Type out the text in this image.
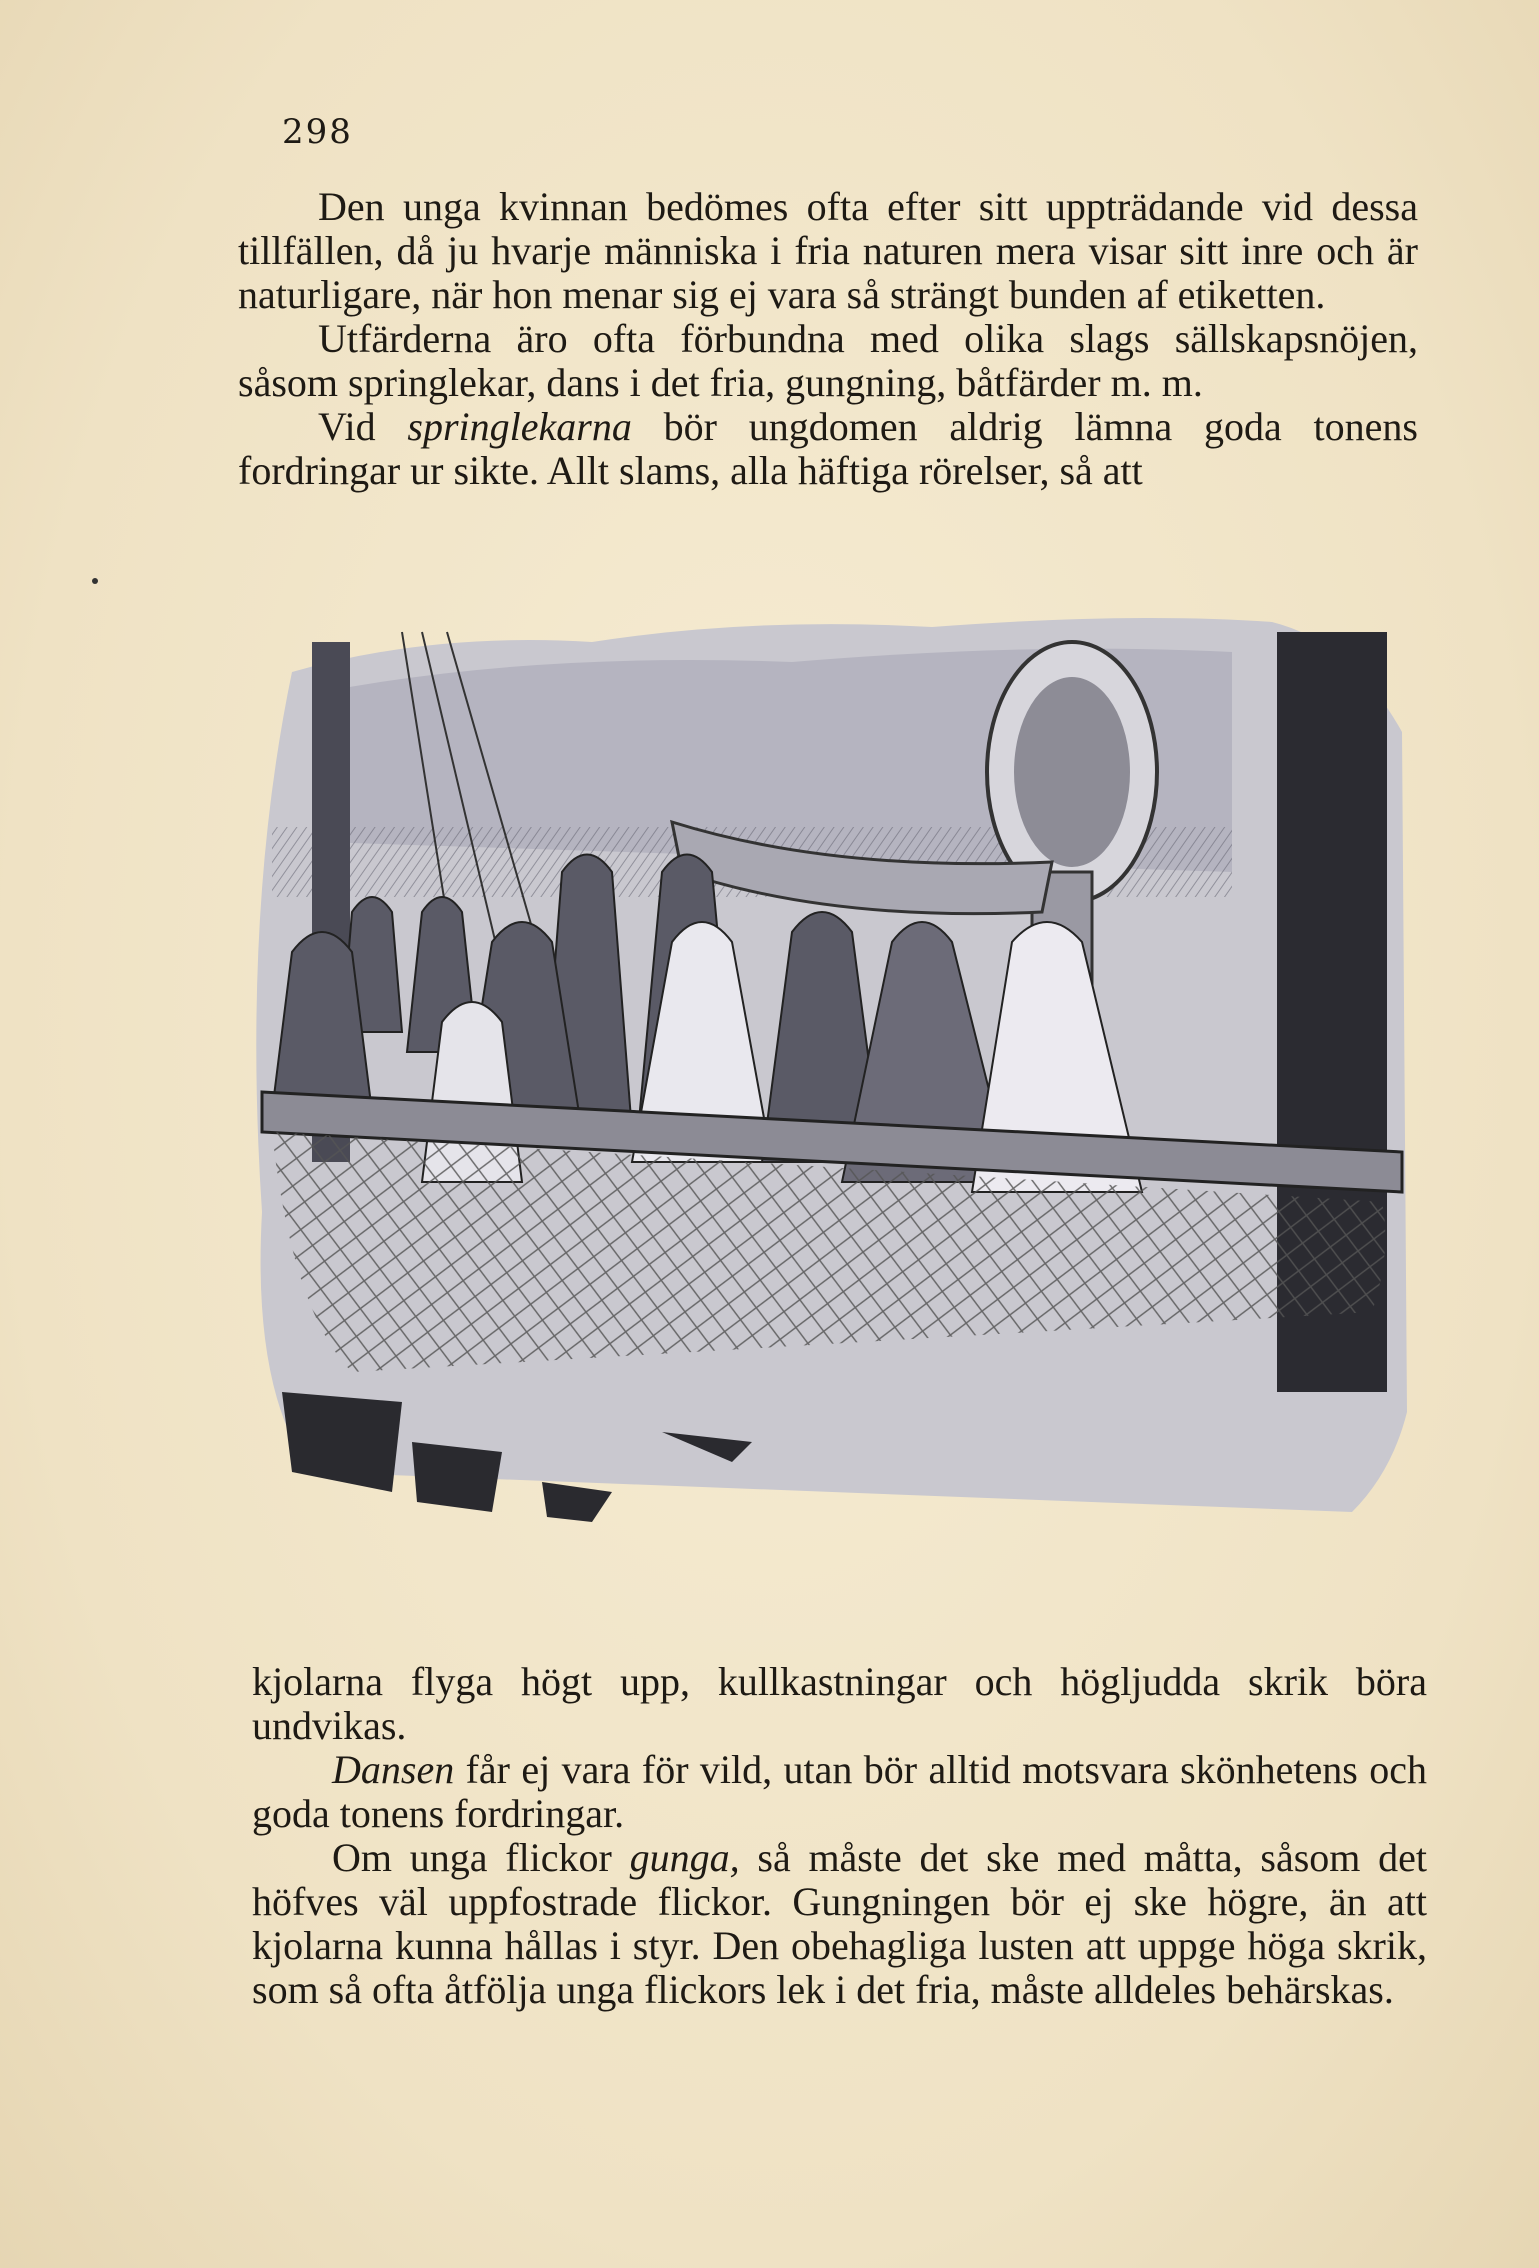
298

Den unga kvinnan bedömes ofta efter sitt uppträdande vid dessa tillfällen, då ju hvarje människa i fria naturen mera visar sitt inre och är naturligare, när hon menar sig ej vara så strängt bunden af etiketten.

Utfärderna äro ofta förbundna med olika slags sällskapsnöjen, såsom springlekar, dans i det fria, gungning, båtfärder m. m.

Vid springlekarna bör ungdomen aldrig lämna goda tonens fordringar ur sikte. Allt slams, alla häftiga rörelser, så att

kjolarna flyga högt upp, kullkastningar och högljudda skrik böra undvikas.

Dansen får ej vara för vild, utan bör alltid motsvara skönhetens och goda tonens fordringar.

Om unga flickor gunga, så måste det ske med måtta, såsom det höfves väl uppfostrade flickor. Gungningen bör ej ske högre, än att kjolarna kunna hållas i styr. Den obehagliga lusten att uppge höga skrik, som så ofta åtfölja unga flickors lek i det fria, måste alldeles behärskas.
